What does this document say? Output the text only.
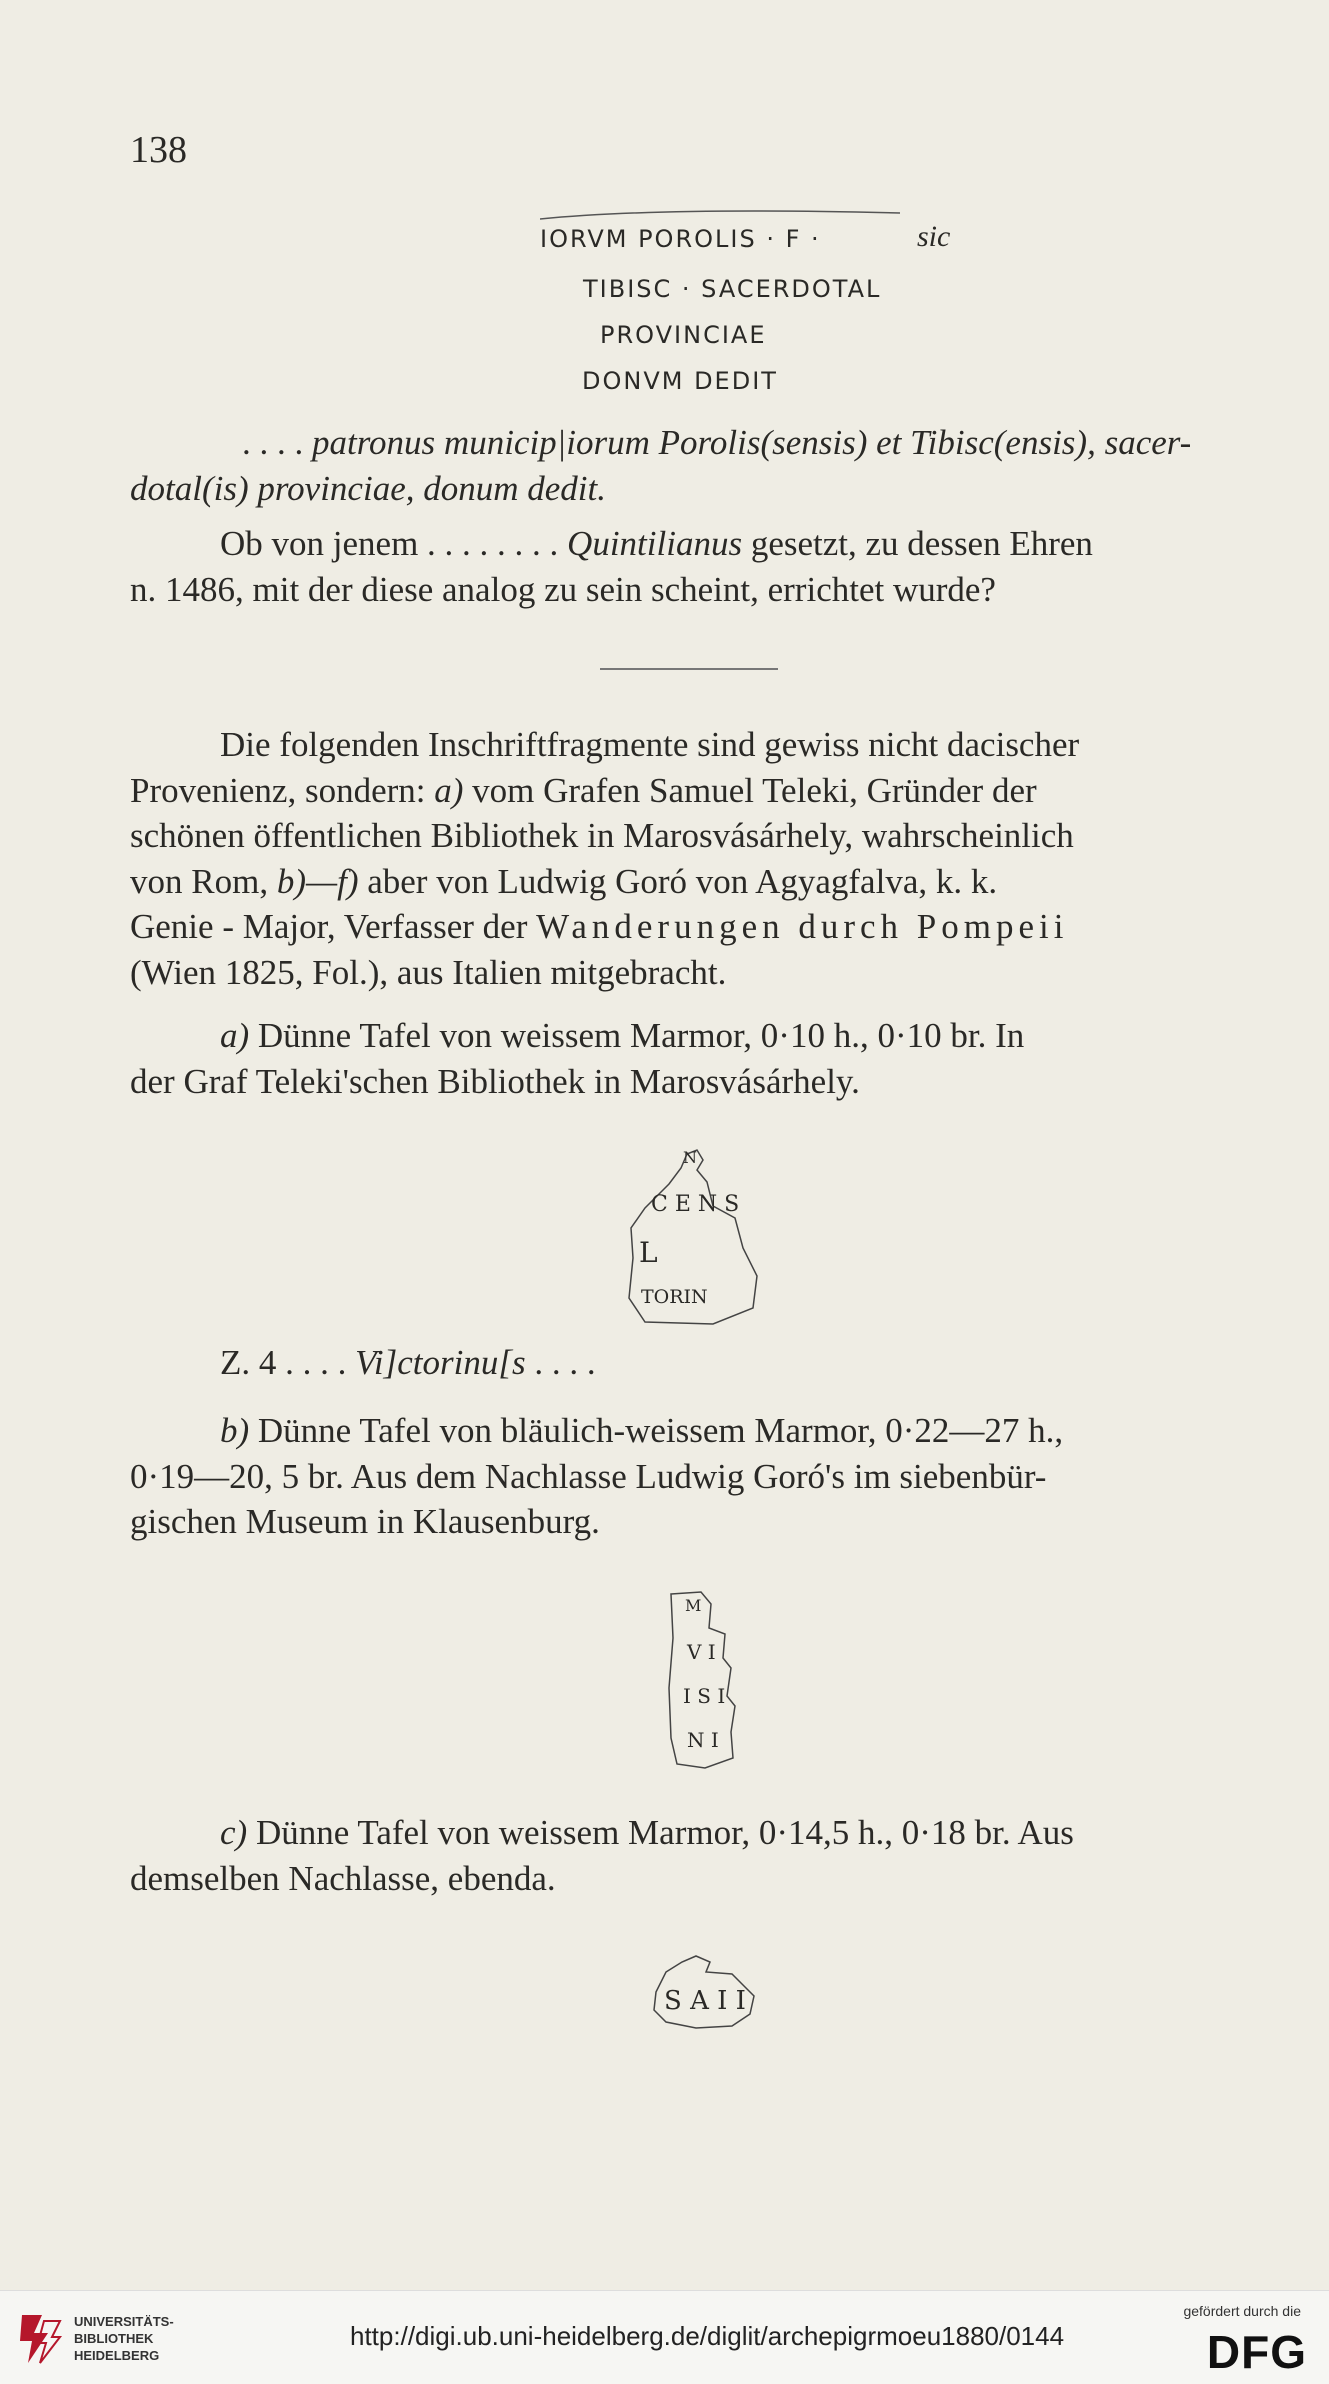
138
IORVM POROLIS · F ·	sic
TIBISC · SACERDOTAL
PROVINCIAE
DONVM DEDIT
. . . . patronus municip|iorum Porolis(sensis) et Tibisc(ensis), sacer-
dotal(is) provinciae, donum dedit.
Ob von jenem . . . . . . . . Quintilianus gesetzt, zu dessen Ehren
n. 1486, mit der diese analog zu sein scheint, errichtet wurde?
Die folgenden Inschriftfragmente sind gewiss nicht dacischer
Provenienz, sondern: a) vom Grafen Samuel Teleki, Gründer der
schönen öffentlichen Bibliothek in Marosvásárhely, wahrscheinlich
von Rom, b)—f) aber von Ludwig Goró von Agyagfalva, k. k.
Genie - Major, Verfasser der Wanderungen durch Pompeii
(Wien 1825, Fol.), aus Italien mitgebracht.
a) Dünne Tafel von weissem Marmor, 0·10 h., 0·10 br. In
der Graf Teleki'schen Bibliothek in Marosvásárhely.
N
C E N S
L
TORIN
Z. 4 . . . . Vi]ctorinu[s . . . .
b) Dünne Tafel von bläulich-weissem Marmor, 0·22—27 h.,
0·19—20, 5 br. Aus dem Nachlasse Ludwig Goró's im siebenbür-
gischen Museum in Klausenburg.
M
V I
I S I
N I
c) Dünne Tafel von weissem Marmor, 0·14,5 h., 0·18 br. Aus
demselben Nachlasse, ebenda.
S A I I
UNIVERSITÄTS-
BIBLIOTHEK
HEIDELBERG
http://digi.ub.uni-heidelberg.de/diglit/archepigrmoeu1880/0144
gefördert durch die
DFG
